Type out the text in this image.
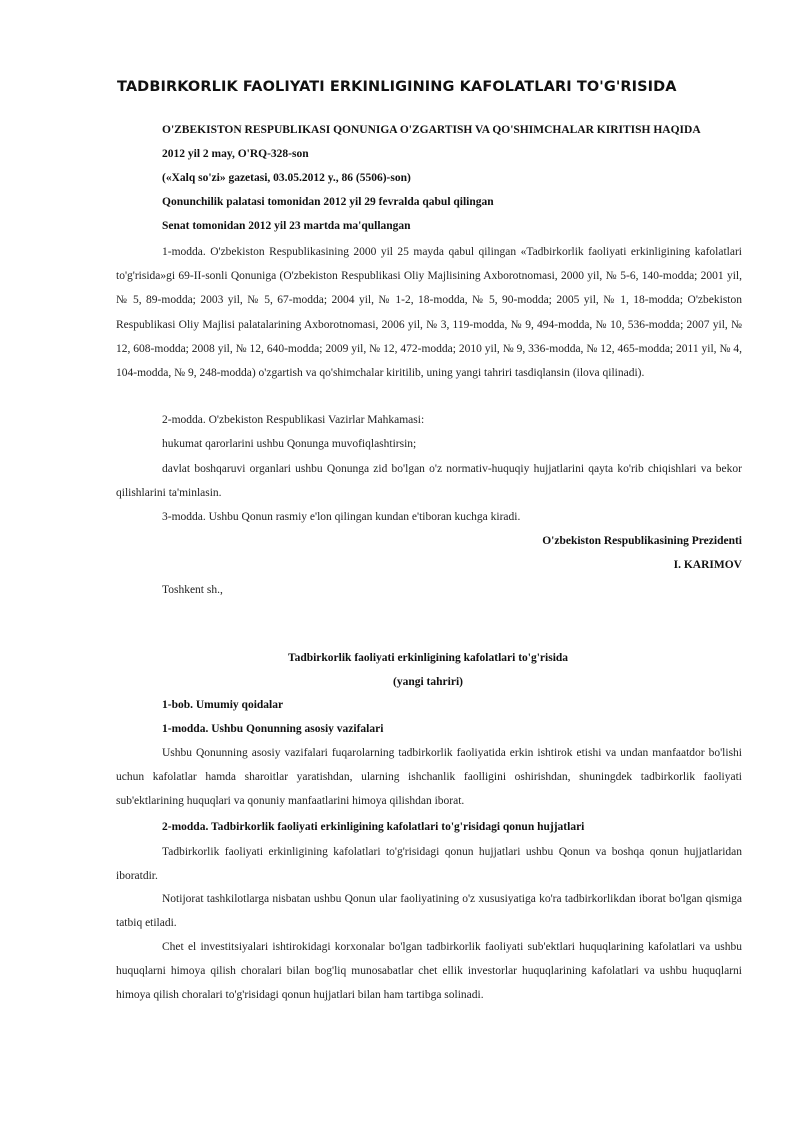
TADBIRKORLIK FAOLIYATI ERKINLIGINING KAFOLATLARI TO'G'RISIDA
O'ZBEKISTON RESPUBLIKASI QONUNIGA O'ZGARTISH VA QO'SHIMCHALAR KIRITISH HAQIDA
2012 yil 2 may, O'RQ-328-son
(«Xalq so'zi» gazetasi, 03.05.2012 y., 86 (5506)-son)
Qonunchilik palatasi tomonidan 2012 yil 29 fevralda qabul qilingan
Senat tomonidan 2012 yil 23 martda ma'qullangan

1-modda. O'zbekiston Respublikasining 2000 yil 25 mayda qabul qilingan «Tadbirkorlik faoliyati erkinligining kafolatlari to'g'risida»gi 69-II-sonli Qonuniga (O'zbekiston Respublikasi Oliy Majlisining Axborotnomasi, 2000 yil, № 5-6, 140-modda; 2001 yil, № 5, 89-modda; 2003 yil, № 5, 67-modda; 2004 yil, № 1-2, 18-modda, № 5, 90-modda; 2005 yil, № 1, 18-modda; O'zbekiston Respublikasi Oliy Majlisi palatalarining Axborotnomasi, 2006 yil, № 3, 119-modda, № 9, 494-modda, № 10, 536-modda; 2007 yil, № 12, 608-modda; 2008 yil, № 12, 640-modda; 2009 yil, № 12, 472-modda; 2010 yil, № 9, 336-modda, № 12, 465-modda; 2011 yil, № 4, 104-modda, № 9, 248-modda) o'zgartish va qo'shimchalar kiritilib, uning yangi tahriri tasdiqlansin (ilova qilinadi).

2-modda. O'zbekiston Respublikasi Vazirlar Mahkamasi:
hukumat qarorlarini ushbu Qonunga muvofiqlashtirsin;

davlat boshqaruvi organlari ushbu Qonunga zid bo'lgan o'z normativ-huquqiy hujjatlarini qayta ko'rib chiqishlari va bekor qilishlarini ta'minlasin.

3-modda. Ushbu Qonun rasmiy e'lon qilingan kundan e'tiboran kuchga kiradi.
O'zbekiston Respublikasining Prezidenti
I. KARIMOV
Toshkent sh.,
Tadbirkorlik faoliyati erkinligining kafolatlari to'g'risida
(yangi tahriri)
1-bob. Umumiy qoidalar
1-modda. Ushbu Qonunning asosiy vazifalari

Ushbu Qonunning asosiy vazifalari fuqarolarning tadbirkorlik faoliyatida erkin ishtirok etishi va undan manfaatdor bo'lishi uchun kafolatlar hamda sharoitlar yaratishdan, ularning ishchanlik faolligini oshirishdan, shuningdek tadbirkorlik faoliyati sub'ektlarining huquqlari va qonuniy manfaatlarini himoya qilishdan iborat.

2-modda. Tadbirkorlik faoliyati erkinligining kafolatlari to'g'risidagi qonun hujjatlari

Tadbirkorlik faoliyati erkinligining kafolatlari to'g'risidagi qonun hujjatlari ushbu Qonun va boshqa qonun hujjatlaridan iboratdir.

Notijorat tashkilotlarga nisbatan ushbu Qonun ular faoliyatining o'z xususiyatiga ko'ra tadbirkorlikdan iborat bo'lgan qismiga tatbiq etiladi.

Chet el investitsiyalari ishtirokidagi korxonalar bo'lgan tadbirkorlik faoliyati sub'ektlari huquqlarining kafolatlari va ushbu huquqlarni himoya qilish choralari bilan bog'liq munosabatlar chet ellik investorlar huquqlarining kafolatlari va ushbu huquqlarni himoya qilish choralari to'g'risidagi qonun hujjatlari bilan ham tartibga solinadi.
